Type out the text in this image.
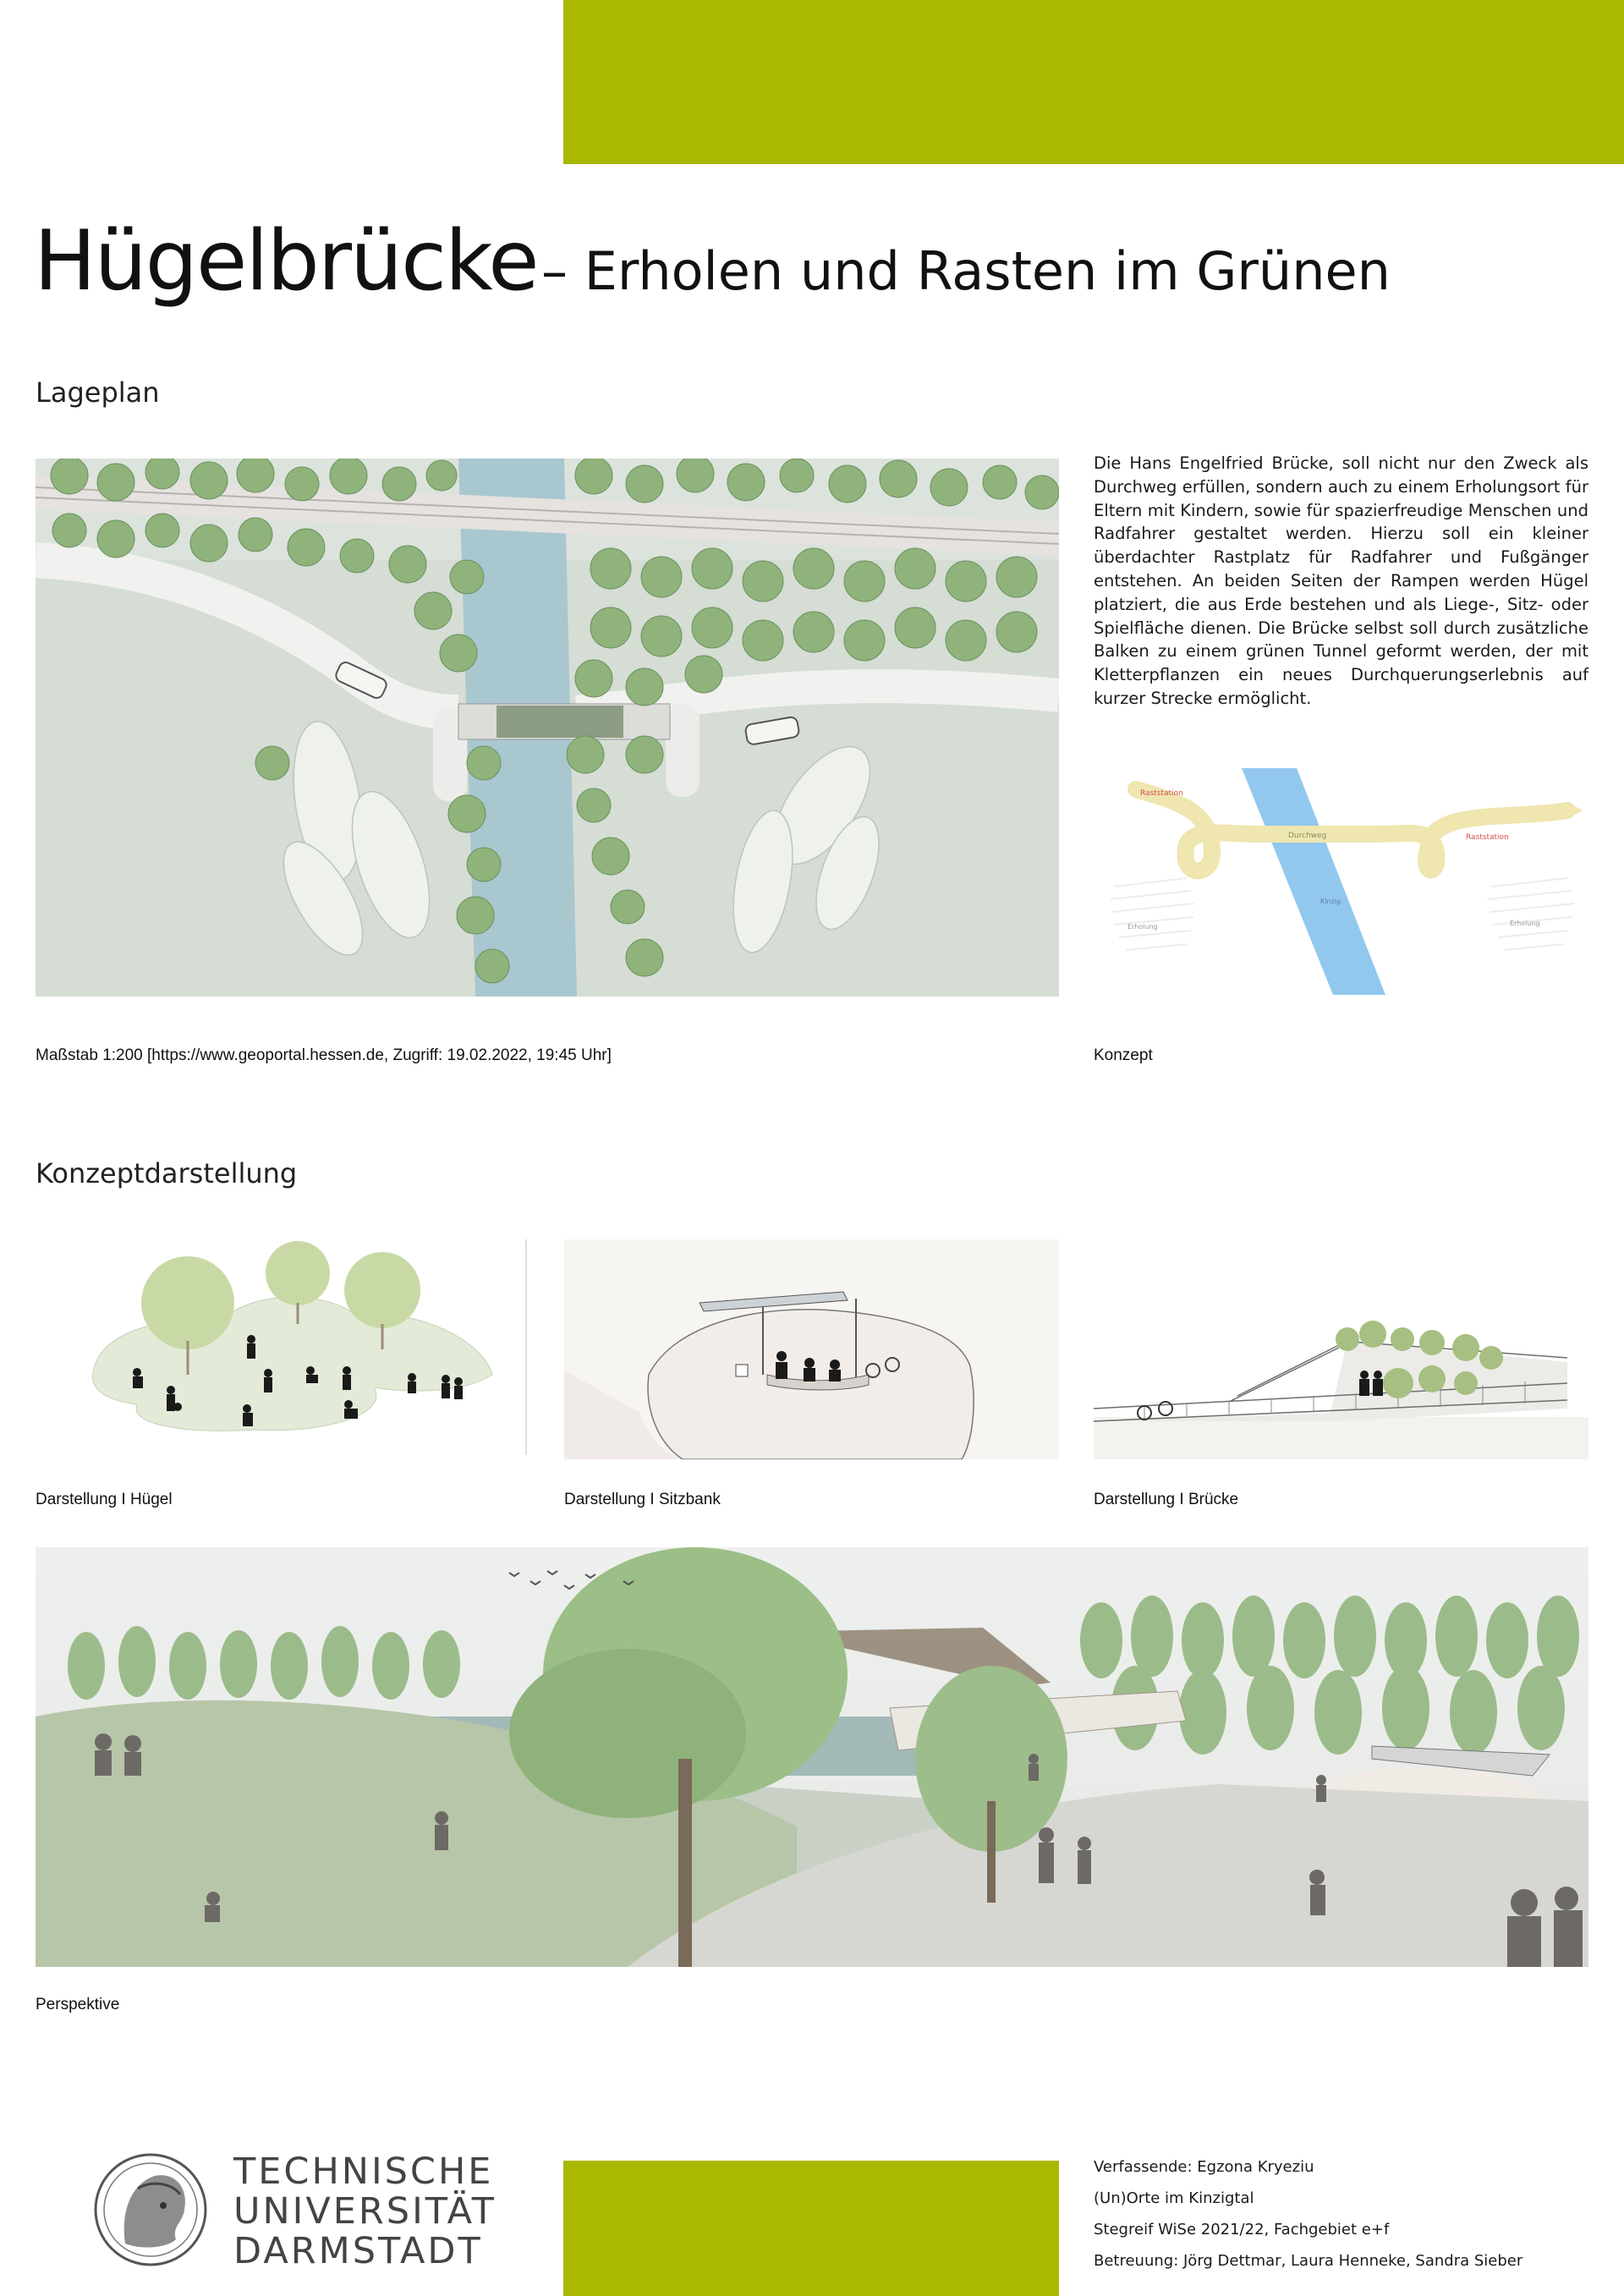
Hügelbrücke – Erholen und Rasten im Grünen
Lageplan
Die Hans Engelfried Brücke, soll nicht nur den Zweck als Durchweg erfüllen, sondern auch zu einem Erholungsort für Eltern mit Kindern, sowie für spazierfreudige Menschen und Radfahrer gestaltet werden. Hierzu soll ein kleiner überdachter Rastplatz für Radfahrer und Fußgänger entstehen. An beiden Seiten der Rampen werden Hügel platziert, die aus Erde bestehen und als Liege-, Sitz- oder Spielfläche dienen. Die Brücke selbst soll durch zusätzliche Balken zu einem grünen Tunnel geformt werden, der mit Kletterpflanzen ein neues Durchquerungserlebnis auf kurzer Strecke ermöglicht.
Raststation
Durchweg	Raststation
Kinzig
Erholung	Erholung
Maßstab 1:200 [https://www.geoportal.hessen.de, Zugriff: 19.02.2022, 19:45 Uhr]	Konzept
Konzeptdarstellung
Darstellung I Hügel	Darstellung I Sitzbank	Darstellung I Brücke
Perspektive
TECHNISCHE
UNIVERSITÄT
DARMSTADT

Verfassende: Egzona Kryeziu

(Un)Orte im Kinzigtal

Stegreif WiSe 2021/22, Fachgebiet e+f

Betreuung: Jörg Dettmar, Laura Henneke, Sandra Sieber
